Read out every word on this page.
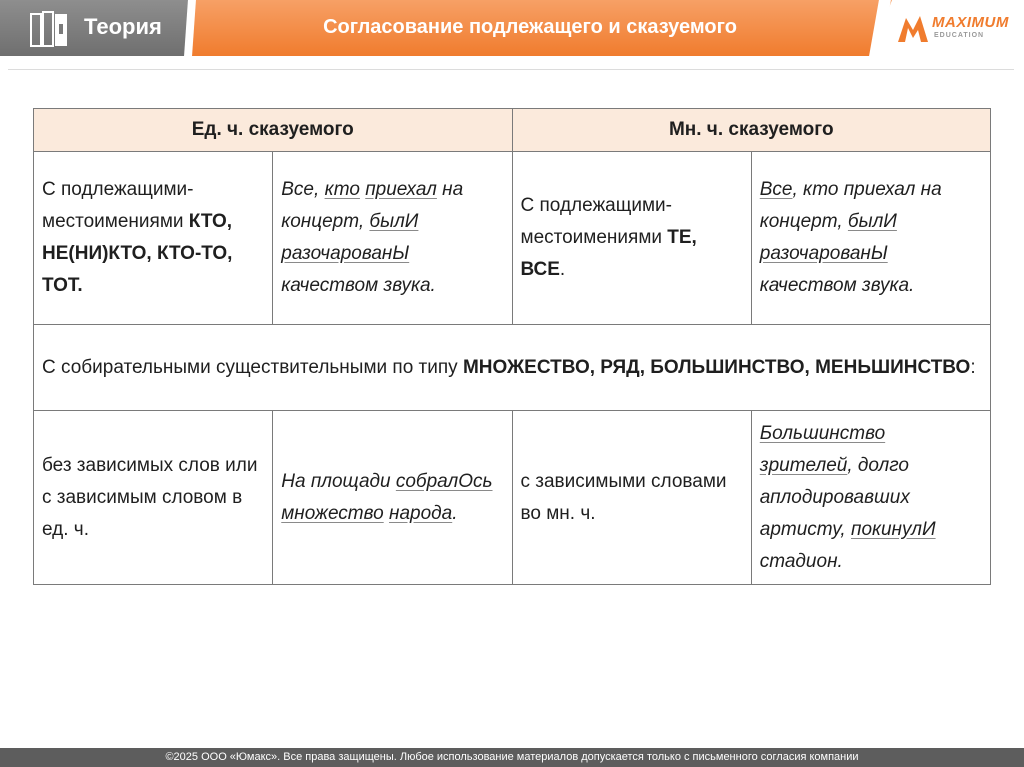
Теория	Согласование подлежащего и сказуемого	MAXIMUM
EDUCATION
Ед. ч. сказуемого		Мн. ч. сказуемого	
С подлежащими-местоимениями КТО, НЕ(НИ)КТО, КТО-ТО, ТОТ.	Все, кто приехал на концерт, былИ разочарованЫ качеством звука.	С подлежащими-местоимениями ТЕ, ВСЕ.	Все, кто приехал на концерт, былИ разочарованЫ качеством звука.
С собирательными существительными по типу МНОЖЕСТВО, РЯД, БОЛЬШИНСТВО, МЕНЬШИНСТВО:			
без зависимых слов или с зависимым словом в ед. ч.	На площади собралОсь множество народа.	с зависимыми словами во мн. ч.	Большинство зрителей, долго аплодировавших артисту, покинулИ стадион.
©2025 ООО «Юмакс». Все права защищены. Любое использование материалов допускается только с письменного согласия компании
